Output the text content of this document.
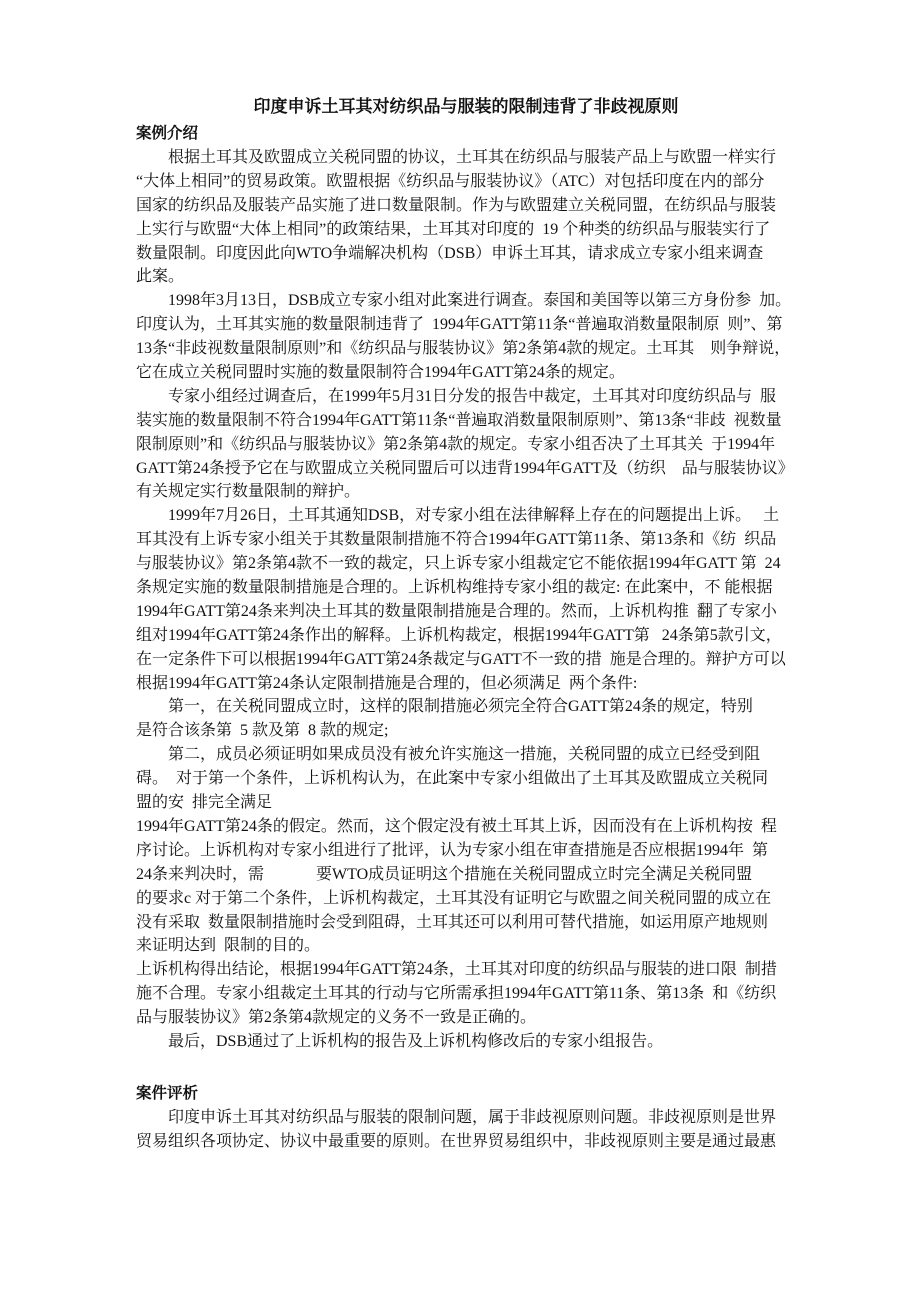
印度申诉土耳其对纺织品与服装的限制违背了非歧视原则
案例介绍
根据土耳其及欧盟成立关税同盟的协议，土耳其在纺织品与服装产品上与欧盟一样实行
“大体上相同”的贸易政策。欧盟根据《纺织品与服装协议》（ATC）对包括印度在内的部分
国家的纺织品及服装产品实施了进口数量限制。作为与欧盟建立关税同盟，在纺织品与服装
上实行与欧盟“大体上相同”的政策结果，土耳其对印度的  19 个种类的纺织品与服装实行了
数量限制。印度因此向WTO争端解决机构（DSB）申诉土耳其，请求成立专家小组来调查
此案。
1998年3月13日，DSB成立专家小组对此案进行调查。泰国和美国等以第三方身份参  加。
印度认为，土耳其实施的数量限制违背了  1994年GATT第11条“普遍取消数量限制原  则”、第
13条“非歧视数量限制原则”和《纺织品与服装协议》第2条第4款的规定。土耳其    则争辩说，
它在成立关税同盟时实施的数量限制符合1994年GATT第24条的规定。
专家小组经过调查后，在1999年5月31日分发的报告中裁定，土耳其对印度纺织品与  服
装实施的数量限制不符合1994年GATT第11条“普遍取消数量限制原则”、第13条“非歧  视数量
限制原则”和《纺织品与服装协议》第2条第4款的规定。专家小组否决了土耳其关  于1994年
GATT第24条授予它在与欧盟成立关税同盟后可以违背1994年GATT及（纺织    品与服装协议》
有关规定实行数量限制的辩护。
1999年7月26日，土耳其通知DSB，对专家小组在法律解释上存在的问题提出上诉。   土
耳其没有上诉专家小组关于其数量限制措施不符合1994年GATT第11条、第13条和《纺  织品
与服装协议》第2条第4款不一致的裁定，只上诉专家小组裁定它不能依据1994年GATT 第  24
条规定实施的数量限制措施是合理的。上诉机构维持专家小组的裁定: 在此案中，不 能根据
1994年GATT第24条来判决土耳其的数量限制措施是合理的。然而，上诉机构推  翻了专家小
组对1994年GATT第24条作出的解释。上诉机构裁定，根据1994年GATT第   24条第5款引文，
在一定条件下可以根据1994年GATT第24条裁定与GATT不一致的措  施是合理的。辩护方可以
根据1994年GATT第24条认定限制措施是合理的，但必须满足  两个条件:
第一，在关税同盟成立时，这样的限制措施必须完全符合GATT第24条的规定，特别
是符合该条第  5 款及第  8 款的规定;
第二，成员必须证明如果成员没有被允许实施这一措施，关税同盟的成立已经受到阻
碍。  对于第一个条件，上诉机构认为，在此案中专家小组做出了土耳其及欧盟成立关税同
盟的安  排完全满足
1994年GATT第24条的假定。然而，这个假定没有被土耳其上诉，因而没有在上诉机构按  程
序讨论。上诉机构对专家小组进行了批评，认为专家小组在审查措施是否应根据1994年  第
24条来判决时，需             要WTO成员证明这个措施在关税同盟成立时完全满足关税同盟
的要求c 对于第二个条件，上诉机构裁定，土耳其没有证明它与欧盟之间关税同盟的成立在
没有采取  数量限制措施时会受到阻碍，土耳其还可以利用可替代措施，如运用原产地规则
来证明达到  限制的目的。
上诉机构得出结论，根据1994年GATT第24条，土耳其对印度的纺织品与服装的进口限  制措
施不合理。专家小组裁定土耳其的行动与它所需承担1994年GATT第11条、第13条  和《纺织
品与服装协议》第2条第4款规定的义务不一致是正确的。
最后，DSB通过了上诉机构的报告及上诉机构修改后的专家小组报告。
案件评析
印度申诉土耳其对纺织品与服装的限制问题，属于非歧视原则问题。非歧视原则是世界
贸易组织各项协定、协议中最重要的原则。在世界贸易组织中，非歧视原则主要是通过最惠
